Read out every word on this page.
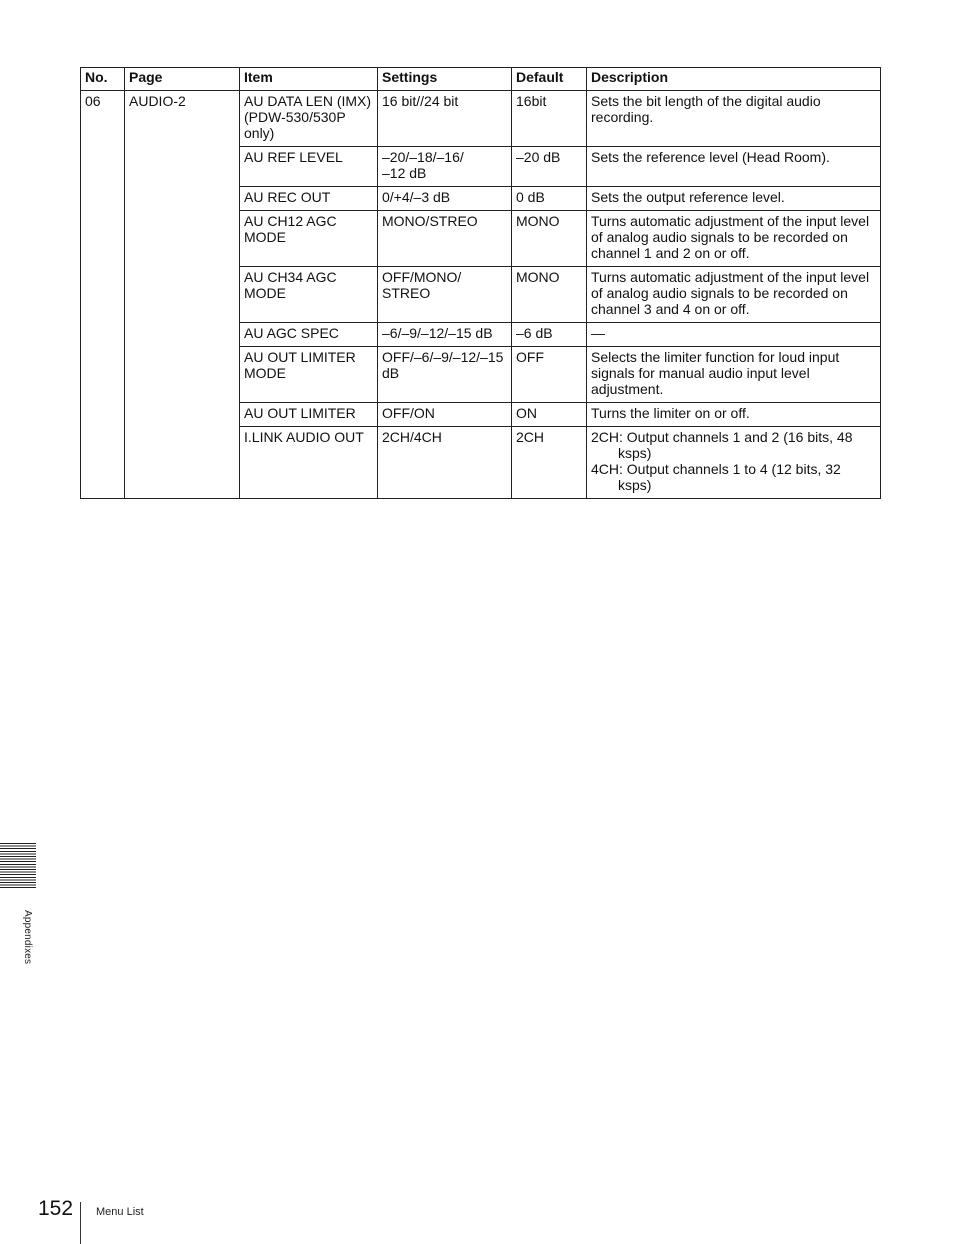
No.	Page	Item	Settings	Default	Description
06	AUDIO-2	AU DATA LEN (IMX)
(PDW-530/530P
only)	16 bit//24 bit	16bit	Sets the bit length of the digital audio
recording.

		AU REF LEVEL	–20/–18/–16/
–12 dB	–20 dB	Sets the reference level (Head Room).

		AU REC OUT	0/+4/–3 dB	0 dB	Sets the output reference level.

		AU CH12 AGC
MODE	MONO/STREO	MONO	Turns automatic adjustment of the input level
of analog audio signals to be recorded on
channel 1 and 2 on or off.

		AU CH34 AGC
MODE	OFF/MONO/
STREO	MONO	Turns automatic adjustment of the input level
of analog audio signals to be recorded on
channel 3 and 4 on or off.

		AU AGC SPEC	–6/–9/–12/–15 dB	–6 dB	—

		AU OUT LIMITER
MODE	OFF/–6/–9/–12/–15
dB	OFF	Selects the limiter function for loud input
signals for manual audio input level
adjustment.

		AU OUT LIMITER	OFF/ON	ON	Turns the limiter on or off.

		I.LINK AUDIO OUT	2CH/4CH	2CH	2CH: Output channels 1 and 2 (16 bits, 48 ksps)
4CH: Output channels 1 to 4 (12 bits, 32 ksps)
Appendixes
152 Menu List
